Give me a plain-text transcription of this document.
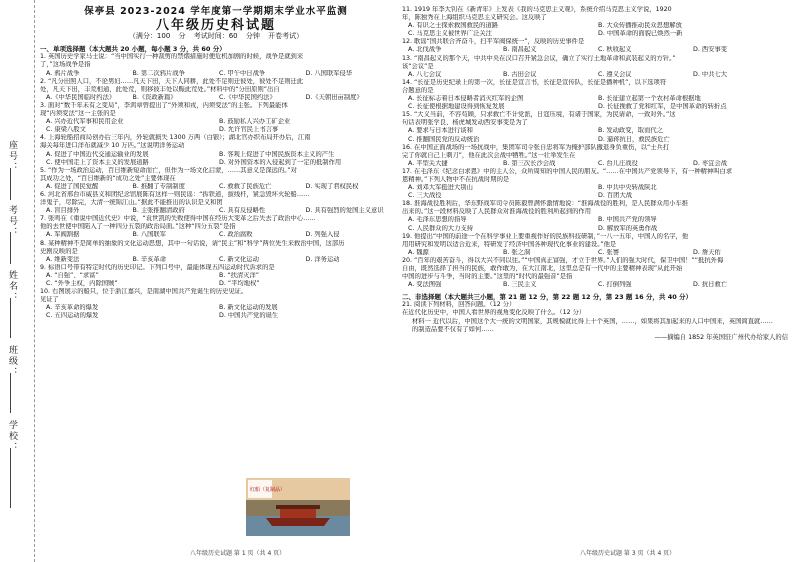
座号：
考号：
姓名：
班级：
学校：
保亭县 2023-2024 学年度第一学期期末学业水平监测
八年级历史科试题
（满分：100 分 考试时间：60 分钟 开卷考试）
一、单项选择题（本大题共 20 小题，每小题 3 分，共 60 分）
1. 英国历史学家马士说：“当中国实行一种裁剪的禁烟措施时便危机加剧的时候，战争是就到来
了，”这场战争是指
A. 鸦片战争	B. 第二次鸦片战争	C. 甲午中日战争	D. 八国联军侵华
2. “凡分田照人口，不论男妇……凡天下田，天下人同耕，此处不足则迁彼处，彼处不足则迁此
处，凡天下田，丰荒相通，此处荒，则移彼丰处以赈此荒处。”材料中的“分田原则”出自
A.《中华民国临时约法》	B.《资政新篇》	C.《中华民国约法》	D.《天朝田亩制度》
3. 面对“数千年未有之变局”，李鸿章曾提出了“外须和戎，内须变法”的主张。下列最能体
现“内须变法”这一主张的是
A. 兴办近代军事和民用企业	B. 鼓励私人兴办工矿企业
C. 康梁八股文	D. 允许官民上书言事
4. 上海轮船招商局创办后三年内，外轮就损失 1300 万两（白银）；湖北官办织布局开办后，江南
海关每年进口洋布就减少 10 万匹。”这说明洋务运动
A. 促进了中国近代交通运输业的发展	B. 客观上促进了中国民族资本主义的产生
C. 使中国走上了资本主义的发展道路	D. 对外国资本的入侵起到了一定的抵制作用
5. “作为一场政治运动，百日维新短命而亡，但作为一场文化启蒙，……其意义是深远的。”对
其成功之处，“百日维新的“成功之处”主要体现在
A. 促进了国民觉醒	B. 推翻了专制制度	C. 救救了民族危亡	D. 实现了君权民权
6. 河北省邢台市威县义和团纪念馆展陈有这样一则民谣：“拆铁道，拔线杆，紧急毁坏火轮船……
洋鬼子，尽除完，大清一统锦江山。”据此不能推出的认识是义和团
A. 盲目排外	B. 主张推翻清政府	C. 具有反侵略性	D. 具有强烈的爱国主义意识
7. 张鸣在《重说中国近代史》中说，“袁世凯的失败使得中国在经历大变革之后失去了政治中心……
他的去世使中国陷入了一种四分五裂的政治局面。”这种“四分五裂”是指
A. 军阀割据	B. 八国联军	C. 政治腐败	D. 列强入侵
8. 某种精神不是简单的抽象的文化运动思想，其中一句话说，请“民主”和“科学”两位先生来救治中国，这部历
史剧反映的是
A. 维新变法	B. 辛亥革命	C. 新文化运动	D. 洋务运动
9. 标语口号带有特定时代的历史印记。下列口号中，最能体现五四运动时代诉求的是
A. “自强”、“求富”	B. “扶清灭洋”
C. “外争主权，内除国贼”	D. “平均地权”
10. 右图展示的船只，位于浙江嘉兴，是南湖中国共产党诞生的历史见证。
见证了
A. 辛亥革命的爆发	B. 新文化运动的发展
C. 五四运动的爆发	D. 中国共产党的诞生
红船（复制品）
11. 1919 年李大钊在《新青年》上发表《我的马克思主义观》，系统介绍马克思主义学说，1920
年，陈独秀在上海组织马克思主义研究会。这反映了
A. 有识之士探索救国救民的道路	B. 大众传播推动民众思想解放
C. 马克思主义被世界广泛关注	D. 中国革命的面貌已焕然一新
12. 歌谣“国共联合齐奋斗，扫平军阀保统一”，反映的历史事件是
A. 北伐战争	B. 南昌起义	C. 秋收起义	D. 西安事变
13. “南昌起义的那个天，中共中央在汉口召开紧急会议，确立了实行土地革命和武装起义的方针。”
该“会议”是
A. 八七会议	B. 古田会议	C. 遵义会议	D. 中共七大
14. “长征是历史纪录上的第一次，长征是宣言书，长征是宣传队，长征是播种机”，以下选项符
合题意的是
A. 长征标志着日本侵略者消灭红军的企图	B. 长征建立起第一个农村革命根据地
C. 长征使根据地建设得到恢复发展	D. 长征挽救了党和红军，是中国革命的转折点
15. “大义当前，不容苟顾，只求救亡不计党派，日寇压境，有诸于国家，为民请命，一致对外。”这
句话表明张学良、杨虎城发动西安事变是为了
A. 要求与日本进行谈和	B. 发动政变，取而代之
C. 推翻国民党的反动统治	D. 逼蒋抗日，救民族危亡
16. 在中国正面战场的一场抗战中，集团军司令张自忠将军为掩护部队撤退身负重伤，以“士兵打
完了你就自己上刺刀”，他在此次会战中牺牲。”这一壮举发生在
A. 平型关大捷	B. 第三次长沙会战	C. 台儿庄战役	D. 枣宜会战
17. 在毛泽东《纪念白求恩》中的主人公，众所周知的中国人民的朋友。“……在中国共产党领导下，有一种精神叫白求
恩精神。”下列人物中不在抗战时期的是
A. 刘邓大军挺进大别山	B. 中共中央转战陕北
C. 三大战役	D. 百团大战
18. 淮海战役胜利后，华东野战军司令员陈毅曾满怀激情地说：“淮海战役的胜利，是人民群众用小车推
出来的。”这一段材料反映了人民群众对淮海战役的胜利所起到的作用
A. 毛泽东思想的指导	B. 中国共产党的领导
C. 人民群众的大力支持	D. 解放军的英勇作战
19. 他提出“中国的前途一个在科学事业上要重视作好的民族科技研制，”一八一五年，中国人的名字，他
用用研究和发明以适合近来，特研发了经济中国各种现代化事业的建设。”他是
A. 魏源	B. 张之洞	C. 张謇	D. 詹天佑
20. “百年的艰苦奋斗，得以大兴不同以往。”“中国真正富强，才立于世界。”人们的强大时代，保卫中国！”“抵抗外侮
自由，既然选择了担当的民族，敢作敢为，在大江南北，这里总是有一代中的主要精神表现”从此开始
中国的进步与斗争，当时的主要。”这里的“时代的最强音”是指
A. 变法图强	B. 三民主义	C. 打倒列强	D. 抗日救亡
二、非选择题（本大题共三小题，第 21 题 12 分，第 22 题 12 分，第 23 题 16 分，共 40 分）
21. 阅读下列材料，回答问题。（12 分）
在近代化历史中，中国人看世界的视角变化反映了什么。（12 分）
材料一 近代以后，中国这个大一统的文明国家，其规模就比得上十个英国，……，如果将其加起来的人口中国来，英国简直就……
的制造品要不仅有了如何……
——摘编自 1852 年英国驻广州代办给家人的信
八年级历史试题 第 1 页（共 4 页）	八年级历史试题 第 3 页（共 4 页）
